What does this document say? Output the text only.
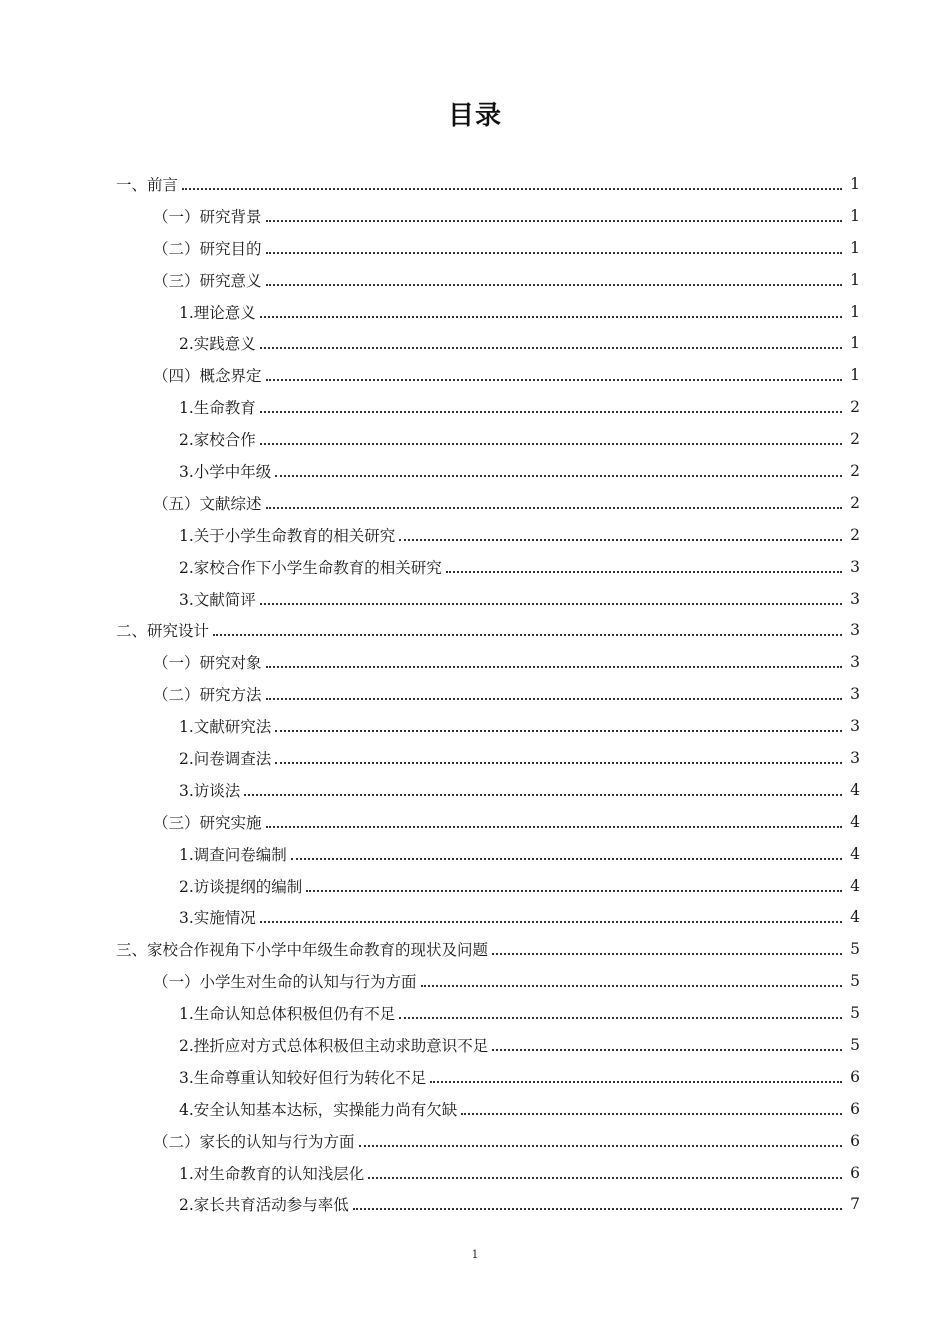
目录
一、前言	1
（一）研究背景	1
（二）研究目的	1
（三）研究意义	1
1.理论意义	1
2.实践意义	1
（四）概念界定	1
1.生命教育	2
2.家校合作	2
3.小学中年级	2
（五）文献综述	2
1.关于小学生命教育的相关研究	2
2.家校合作下小学生命教育的相关研究	3
3.文献简评	3
二、研究设计	3
（一）研究对象	3
（二）研究方法	3
1.文献研究法	3
2.问卷调查法	3
3.访谈法	4
（三）研究实施	4
1.调查问卷编制	4
2.访谈提纲的编制	4
3.实施情况	4
三、家校合作视角下小学中年级生命教育的现状及问题	5
（一）小学生对生命的认知与行为方面	5
1.生命认知总体积极但仍有不足	5
2.挫折应对方式总体积极但主动求助意识不足	5
3.生命尊重认知较好但行为转化不足	6
4.安全认知基本达标，实操能力尚有欠缺	6
（二）家长的认知与行为方面	6
1.对生命教育的认知浅层化	6
2.家长共育活动参与率低	7
1
